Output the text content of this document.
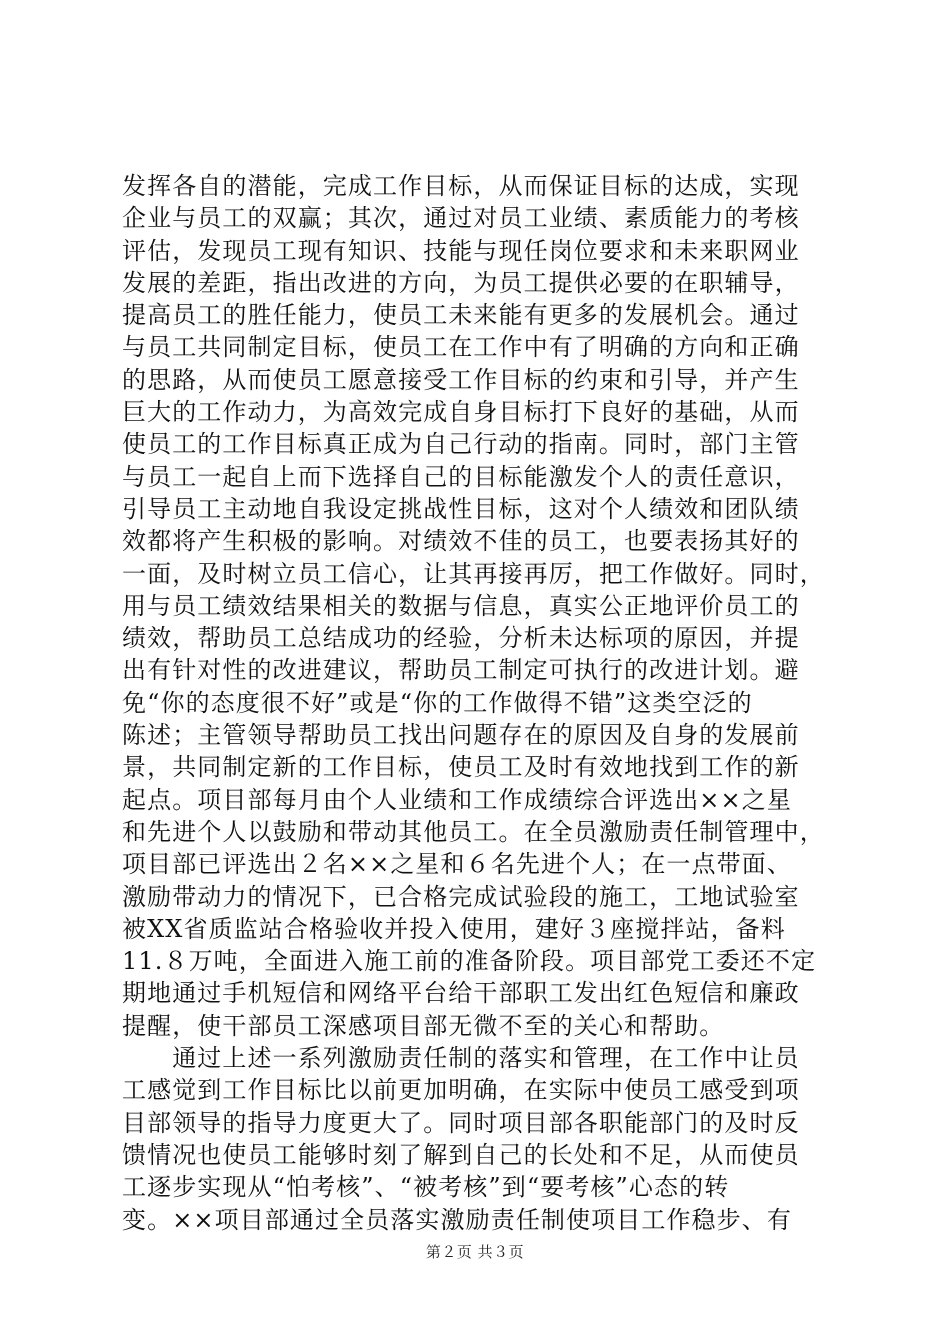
发挥各自的潜能，完成工作目标，从而保证目标的达成，实现
企业与员工的双赢；其次，通过对员工业绩、素质能力的考核
评估，发现员工现有知识、技能与现任岗位要求和未来职网业
发展的差距，指出改进的方向，为员工提供必要的在职辅导，
提高员工的胜任能力，使员工未来能有更多的发展机会。通过
与员工共同制定目标，使员工在工作中有了明确的方向和正确
的思路，从而使员工愿意接受工作目标的约束和引导，并产生
巨大的工作动力，为高效完成自身目标打下良好的基础，从而
使员工的工作目标真正成为自己行动的指南。同时，部门主管
与员工一起自上而下选择自己的目标能激发个人的责任意识，
引导员工主动地自我设定挑战性目标，这对个人绩效和团队绩
效都将产生积极的影响。对绩效不佳的员工，也要表扬其好的
一面，及时树立员工信心，让其再接再厉，把工作做好。同时，
用与员工绩效结果相关的数据与信息，真实公正地评价员工的
绩效，帮助员工总结成功的经验，分析未达标项的原因，并提
出有针对性的改进建议，帮助员工制定可执行的改进计划。避
免“你的态度很不好”或是“你的工作做得不错”这类空泛的
陈述；主管领导帮助员工找出问题存在的原因及自身的发展前
景，共同制定新的工作目标，使员工及时有效地找到工作的新
起点。项目部每月由个人业绩和工作成绩综合评选出××之星
和先进个人以鼓励和带动其他员工。在全员激励责任制管理中，
项目部已评选出２名××之星和６名先进个人；在一点带面、
激励带动力的情况下，已合格完成试验段的施工，工地试验室
被XX省质监站合格验收并投入使用，建好３座搅拌站，备料
11.８万吨，全面进入施工前的准备阶段。项目部党工委还不定
期地通过手机短信和网络平台给干部职工发出红色短信和廉政
提醒，使干部员工深感项目部无微不至的关心和帮助。
　　通过上述一系列激励责任制的落实和管理，在工作中让员
工感觉到工作目标比以前更加明确，在实际中使员工感受到项
目部领导的指导力度更大了。同时项目部各职能部门的及时反
馈情况也使员工能够时刻了解到自己的长处和不足，从而使员
工逐步实现从“怕考核”、“被考核”到“要考核”心态的转
变。××项目部通过全员落实激励责任制使项目工作稳步、有
第２页 共３页
